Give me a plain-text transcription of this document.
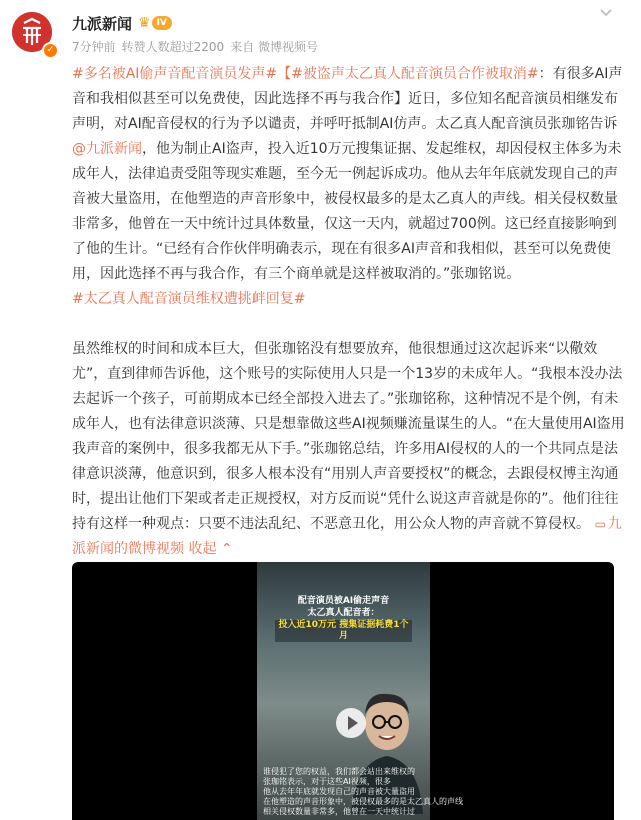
✓
九派新闻 ♛ IV
7分钟前 转赞人数超过2200 来自 微博视频号

#多名被AI偷声音配音演员发声#【#被盗声太乙真人配音演员合作被取消#：有很多AI声音和我相似甚至可以免费使，因此选择不再与我合作】近日，多位知名配音演员相继发布声明，对AI配音侵权的行为予以谴责，并呼吁抵制AI仿声。太乙真人配音演员张珈铭告诉@九派新闻，他为制止AI盗声，投入近10万元搜集证据、发起维权，却因侵权主体多为未成年人，法律追责受阻等现实难题，至今无一例起诉成功。他从去年年底就发现自己的声音被大量盗用，在他塑造的声音形象中，被侵权最多的是太乙真人的声线。相关侵权数量非常多，他曾在一天中统计过具体数量，仅这一天内，就超过700例。这已经直接影响到了他的生计。“已经有合作伙伴明确表示，现在有很多AI声音和我相似，甚至可以免费使用，因此选择不再与我合作，有三个商单就是这样被取消的。”张珈铭说。

#太乙真人配音演员维权遭挑衅回复#

虽然维权的时间和成本巨大，但张珈铭没有想要放弃，他很想通过这次起诉来“以儆效尤”，直到律师告诉他，这个账号的实际使用人只是一个13岁的未成年人。“我根本没办法去起诉一个孩子，可前期成本已经全部投入进去了。”张珈铭称，这种情况不是个例，有未成年人，也有法律意识淡薄、只是想靠做这些AI视频赚流量谋生的人。“在大量使用AI盗用我声音的案例中，很多我都无从下手。”张珈铭总结，许多用AI侵权的人的一个共同点是法律意识淡薄，他意识到，很多人根本没有“用别人声音要授权”的概念，去跟侵权博主沟通时，提出让他们下架或者走正规授权，对方反而说“凭什么说这声音就是你的”。他们往往持有这样一种观点：只要不违法乱纪、不恶意丑化，用公众人物的声音就不算侵权。 ▭ 九派新闻的微博视频 收起 ⌃

配音演员被AI偷走声音
太乙真人配音者：
投入近10万元 搜集证据耗费1个月
谁侵犯了您的权益，我们都会站出来维权的
张珈铭表示，对于这些AI视频，很多
他从去年年底就发现自己的声音被大量盗用
在他塑造的声音形象中，被侵权最多的是太乙真人的声线
相关侵权数量非常多，他曾在一天中统计过
